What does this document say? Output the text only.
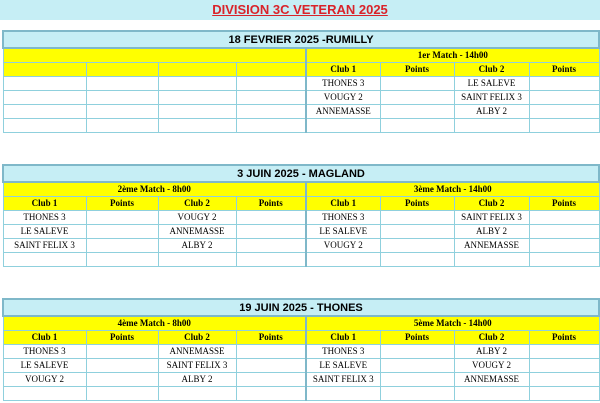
DIVISION 3C VETERAN 2025
18 FEVRIER 2025 -RUMILLY							
				1er Match - 14h00			
				Club 1	Points	Club 2	Points
				THONES 3		LE SALEVE	
				VOUGY 2		SAINT FELIX 3	
				ANNEMASSE		ALBY 2	

3 JUIN 2025 - MAGLAND							
2ème Match - 8h00				3ème Match - 14h00			
Club 1	Points	Club 2	Points	Club 1	Points	Club 2	Points
THONES 3		VOUGY 2		THONES 3		SAINT FELIX 3	
LE SALEVE		ANNEMASSE		LE SALEVE		ALBY 2	
SAINT FELIX 3		ALBY 2		VOUGY 2		ANNEMASSE	

19 JUIN 2025 - THONES							
4ème Match - 8h00				5ème Match - 14h00			
Club 1	Points	Club 2	Points	Club 1	Points	Club 2	Points
THONES 3		ANNEMASSE		THONES 3		ALBY 2	
LE SALEVE		SAINT FELIX 3		LE SALEVE		VOUGY 2	
VOUGY 2		ALBY 2		SAINT FELIX 3		ANNEMASSE	
